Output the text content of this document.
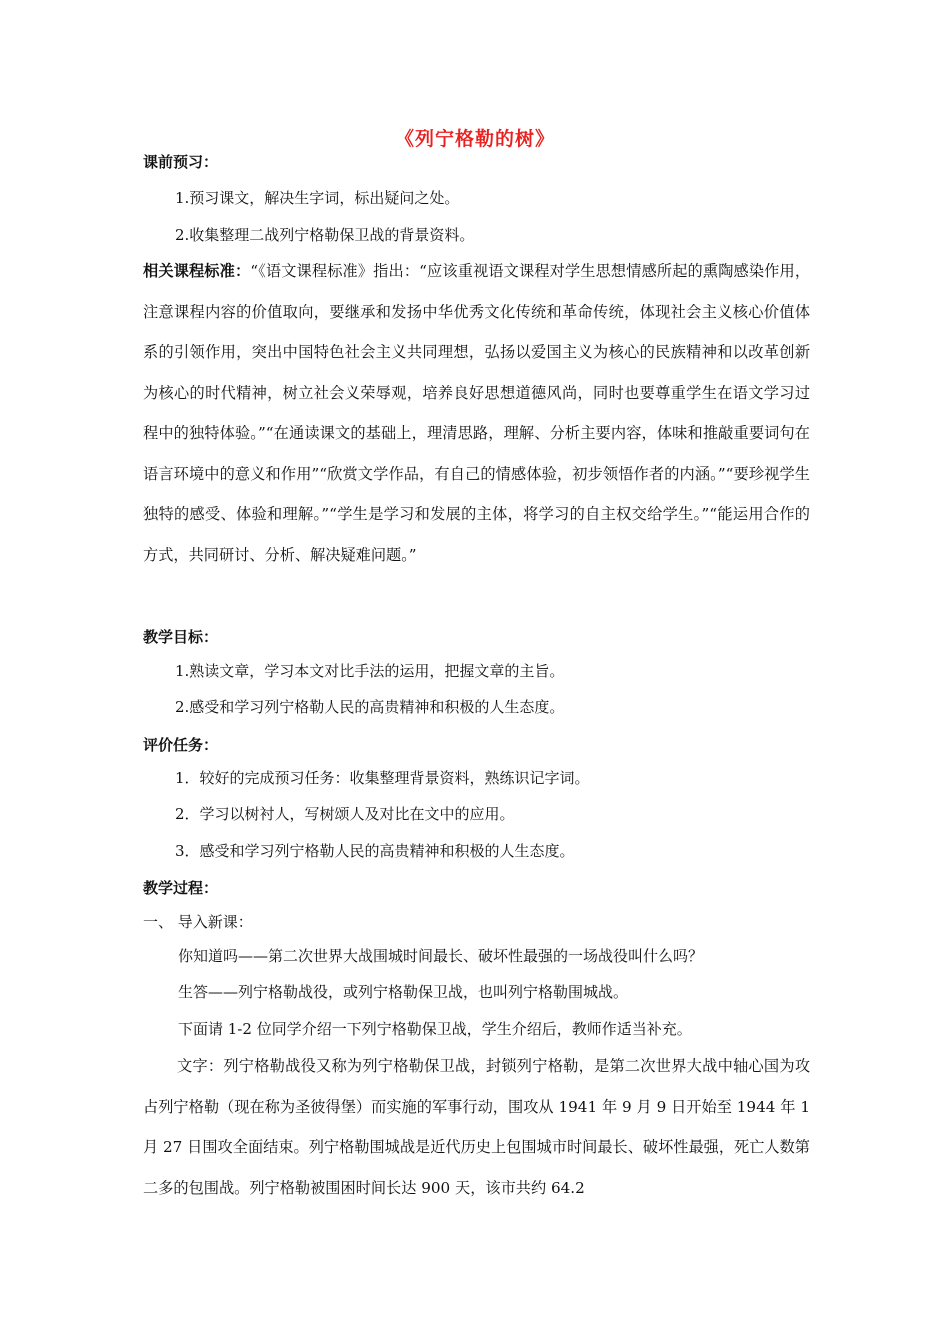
《列宁格勒的树》
课前预习：
1.预习课文，解决生字词，标出疑问之处。
2.收集整理二战列宁格勒保卫战的背景资料。
相关课程标准：“《语文课程标准》指出：“应该重视语文课程对学生思想情感所起的熏陶感染作用，注意课程内容的价值取向，要继承和发扬中华优秀文化传统和革命传统，体现社会主义核心价值体系的引领作用，突出中国特色社会主义共同理想，弘扬以爱国主义为核心的民族精神和以改革创新为核心的时代精神，树立社会义荣辱观，培养良好思想道德风尚，同时也要尊重学生在语文学习过程中的独特体验。”“在通读课文的基础上，理清思路，理解、分析主要内容，体味和推敲重要词句在语言环境中的意义和作用”“欣赏文学作品，有自己的情感体验，初步领悟作者的内涵。”“要珍视学生独特的感受、体验和理解。”“学生是学习和发展的主体，将学习的自主权交给学生。”“能运用合作的方式，共同研讨、分析、解决疑难问题。”
教学目标：
1.熟读文章，学习本文对比手法的运用，把握文章的主旨。
2.感受和学习列宁格勒人民的高贵精神和积极的人生态度。
评价任务：
1．较好的完成预习任务：收集整理背景资料，熟练识记字词。
2．学习以树衬人，写树颂人及对比在文中的应用。
3．感受和学习列宁格勒人民的高贵精神和积极的人生态度。
教学过程：
一、 导入新课：
你知道吗——第二次世界大战围城时间最长、破坏性最强的一场战役叫什么吗？
生答——列宁格勒战役，或列宁格勒保卫战，也叫列宁格勒围城战。
下面请 1-2 位同学介绍一下列宁格勒保卫战，学生介绍后，教师作适当补充。
文字：列宁格勒战役又称为列宁格勒保卫战，封锁列宁格勒，是第二次世界大战中轴心国为攻占列宁格勒（现在称为圣彼得堡）而实施的军事行动，围攻从 1941 年 9 月 9 日开始至 1944 年 1 月 27 日围攻全面结束。列宁格勒围城战是近代历史上包围城市时间最长、破坏性最强，死亡人数第二多的包围战。列宁格勒被围困时间长达 900 天，该市共约 64.2
